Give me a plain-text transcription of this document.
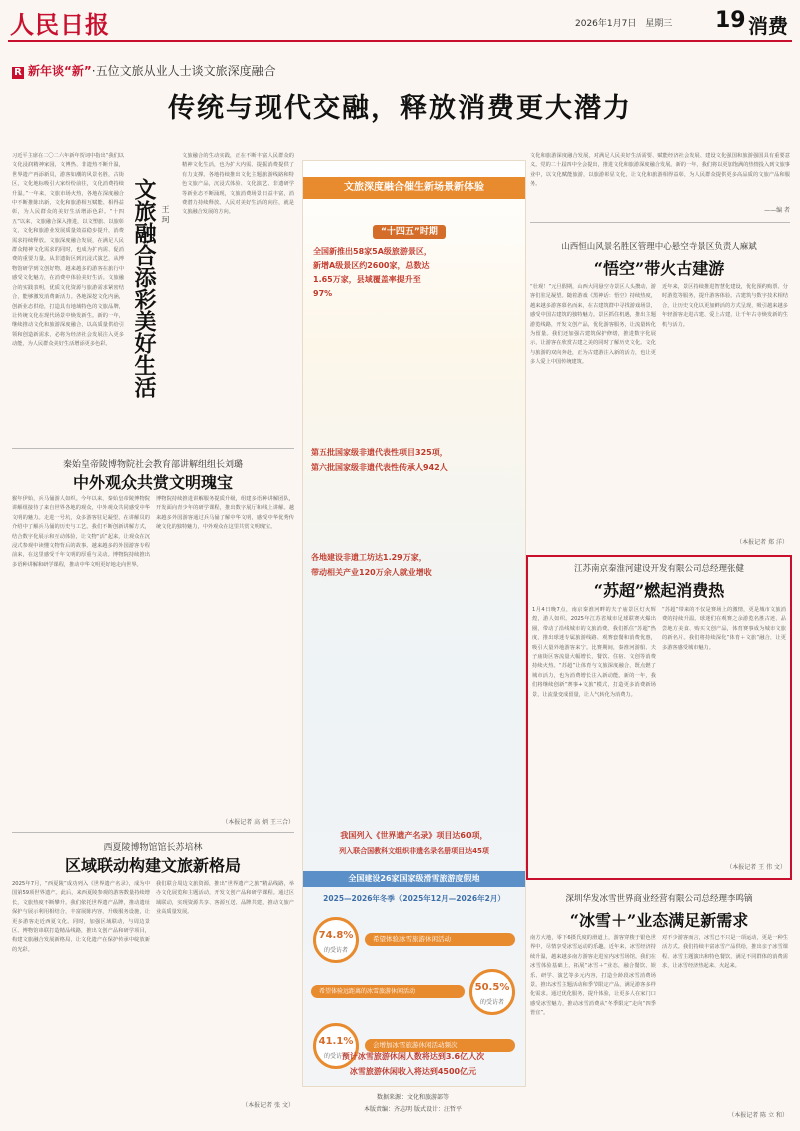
人民日报	2026年1月7日 星期三 19 消费
R 新年谈“新”·五位文旅从业人士谈文旅深度融合
传统与现代交融，释放消费更大潜力
习近平主席在二〇二六年新年贺词中指出“我们以文化浸润精神家园，文博热、非遗热不断升温，世界遗产再添新员，游客如潮的风景名胜，古街区，文化地标吸引大家纷纷前往，文化消费持续升温。”一年来，文旅市场火热，各地在深度融合中不断推陈出新，文化和旅游相互赋能、相得益彰，为人民群众的美好生活增添色彩。“十四五”以来，文旅融合深入推进，以文塑旅、以旅彰文，文化和旅游业发展质量效益稳步提升，消费需求持续释放。文旅深度融合发展，在满足人民群众精神文化需求的同时，也成为扩内需、促消费的重要力量。从非遗街区到沉浸式演艺，从博物馆研学到文创好物，越来越多的游客在旅行中感受文化魅力，在消费中体验美好生活。文旅融合的实践表明，优质文化资源与旅游需求紧密结合，能够激发消费新活力。各地深挖文化内涵，创新业态供给，打造具有地域特色的文旅品牌，让传统文化在现代场景中焕发新生。新的一年，继续推动文化和旅游深度融合，以高质量供给引领和创造新需求，必将为经济社会发展注入更多动能，为人民群众美好生活增添更多色彩。 文旅融合添彩美好生活 王 珂
文旅融合的生动实践，正在不断丰富人民群众的精神文化生活，也为扩大内需、提振消费提供了有力支撑。各地持续推出文化主题旅游线路和特色文旅产品，沉浸式体验、文化演艺、非遗研学等新业态不断涌现，文旅消费场景日益丰富，消费潜力持续释放。人民对美好生活的向往，就是文旅融合发展的方向。
秦始皇帝陵博物院社会教育部讲解组组长刘璐
中外观众共赏文明瑰宝
猴年伊始，兵马俑游人如织。今年以来，秦始皇帝陵博物院讲解组接待了来自世界各地的观众，中外观众共同感受中华文明的魅力。走进一号坑，众多游客驻足凝望，在讲解员的介绍中了解兵马俑的历史与工艺。我们不断创新讲解方式，结合数字化展示和互动体验，让文物“活”起来，让观众在沉浸式参观中读懂文物背后的故事。越来越多的外国游客专程前来，在这里感受千年文明的厚重与灵动。博物院持续推出多语种讲解和研学课程，推动中华文明更好地走向世界。
博物院持续推进讲解服务提质升级，组建多语种讲解团队，开发面向青少年的研学课程，推出数字展厅和线上讲解。越来越多外国游客通过兵马俑了解中华文明，感受中华优秀传统文化的独特魅力，中外观众在这里共赏文明瑰宝。
（本报记者 高 炳 王三合）
西夏陵博物馆馆长苏培林
区域联动构建文旅新格局
2025年7月，“西夏陵”成功列入《世界遗产名录》，成为中国第59项世界遗产。此后，来西夏陵参观的游客数量持续增长，文旅热度不断攀升。我们依托世界遗产品牌，推动遗址保护与展示利用相结合，丰富展陈内容，升级服务设施，让更多游客走近西夏文化。同时，加强区域联动，与周边景区、博物馆串联打造精品线路，推出文创产品和研学项目，构建文旅融合发展新格局，让文化遗产在保护传承中绽放新的光彩。
我们联合周边文旅资源，推出“世界遗产之旅”精品线路，举办文化展览和主题活动，开发文创产品和研学课程。通过区域联动，实现资源共享、客源互送、品牌共建，推动文旅产业高质量发展。
（本报记者 张 文）
文旅深度融合催生新场景新体验
“十四五”时期
全国新推出58家5A级旅游景区，新增A级景区约2600家，总数达1.65万家，县域覆盖率提升至97%
第五批国家级非遗代表性项目325项，
第六批国家级非遗代表性传承人942人
各地建设非遗工坊达1.29万家，
带动相关产业120万余人就业增收
我国列入《世界遗产名录》项目达60项，
列入联合国教科文组织非遗名录名册项目达45项
全国建设26家国家级滑雪旅游度假地
2025—2026年冬季（2025年12月—2026年2月）
74.8%
的受访者
希望体验冰雪旅游休闲活动
50.5%
的受访者
希望体验远距离的冰雪旅游休闲活动
41.1%
的受访者
会增加冰雪旅游休闲活动频次
预计冰雪旅游休闲人数将达到3.6亿人次
冰雪旅游休闲收入将达到4500亿元
数据来源：文化和旅游部等
本版责编：齐志明 版式设计：汪哲平
文化和旅游深度融合发展，对满足人民美好生活需要、赋能经济社会发展、建设文化强国和旅游强国具有重要意义。党的二十届四中全会提出，推进文化和旅游深度融合发展。新的一年，我们将以更加饱满的热情投入到文旅事业中，以文化赋能旅游，以旅游彰显文化，让文化和旅游相得益彰，为人民群众提供更多高品质的文旅产品和服务。
——编 者
山西恒山风景名胜区管理中心悬空寺景区负责人麻斌
“悟空”带火古建游
“壮观！”元旦假期，山西大同悬空寺景区人头攒动，游客们驻足凝望。随着游戏《黑神话：悟空》持续热度，越来越多游客慕名而来，在古建筑群中寻找游戏场景，感受中国古建筑的独特魅力。景区抓住机遇，推出主题游览线路，开发文创产品，优化游客服务，让流量转化为留量。我们还加强古建筑保护修缮，推进数字化展示，让游客在欣赏古建之美的同时了解历史文化。文化与旅游的双向奔赴，正为古建游注入新的活力，也让更多人爱上中国传统建筑。
近年来，景区持续推进智慧化建设，优化预约购票、分时游览等服务，提升游客体验。古建筑与数字技术相结合，让历史文化以更加鲜活的方式呈现，吸引越来越多年轻游客走进古建、爱上古建，让千年古寺焕发新的生机与活力。
（本报记者 郑 洋）
江苏南京秦淮河建设开发有限公司总经理张健
“苏超”燃起消费热
1月4日晚7点，南京秦淮河畔的夫子庙景区灯火辉煌，游人如织。2025年江苏省城市足球联赛火爆出圈，带动了沿线城市的文旅消费。我们抓住“苏超”热度，推出球迷专属旅游线路、观赛套餐和消费优惠，吸引大量外地游客来宁。比赛期间，秦淮河游船、夫子庙街区客流量大幅增长，餐饮、住宿、文创等消费持续火热。“苏超”让体育与文旅深度融合，既点燃了城市活力，也为消费增长注入新动能。新的一年，我们将继续创新“赛事+文旅”模式，打造更多消费新场景，让流量变成留量，让人气转化为消费力。
“苏超”带来的不仅是赛场上的激情，更是城市文旅消费的持续升温。球迷们在观赛之余游览名胜古迹、品尝地方美食、购买文创产品，体育赛事成为城市文旅的新名片。我们将持续深化“体育＋文旅”融合，让更多游客感受城市魅力。
（本报记者 王 伟 文）
深圳华发冰雪世界商业经营有限公司总经理李鸣镝
“冰雪＋”业态满足新需求
南方大地，零下6摄氏度的滑道上，游客穿梭于银色世界中，尽情享受冰雪运动的乐趣。近年来，冰雪经济持续升温，越来越多南方游客走进室内冰雪场馆。我们在冰雪体验基础上，拓展“冰雪＋”业态，融合餐饮、娱乐、研学、演艺等多元内容，打造全龄段冰雪消费场景。推出冰雪主题活动和季节限定产品，满足游客多样化需求。通过优化服务，提升体验，让更多人在家门口感受冰雪魅力，推动冰雪消费从“冬季限定”走向“四季皆宜”。
对不少游客而言，冰雪已不只是一项运动，更是一种生活方式。我们持续丰富冰雪产品供给，推出亲子冰雪课程、冰雪主题演出和特色餐饮，满足不同群体的消费需求，让冰雪经济热起来、火起来。
（本报记者 陈 立 和）
